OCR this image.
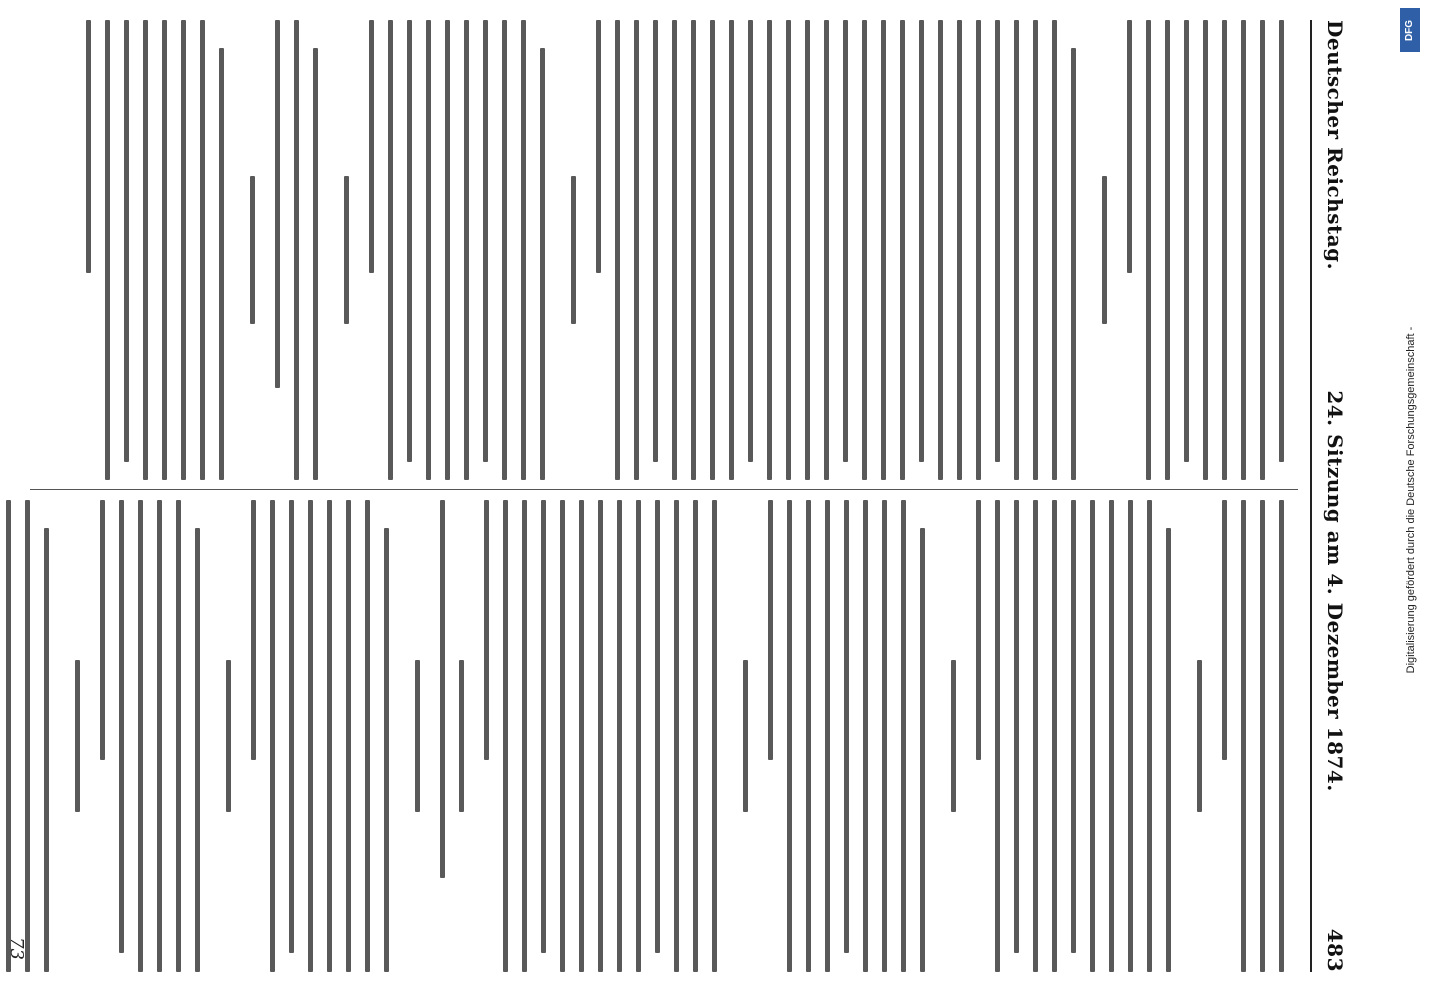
Deutscher Reichstag.
24. Sitzung am 4. Dezember 1874.
483
73
DFG
Digitalisierung gefördert durch die Deutsche Forschungsgemeinschaft -
